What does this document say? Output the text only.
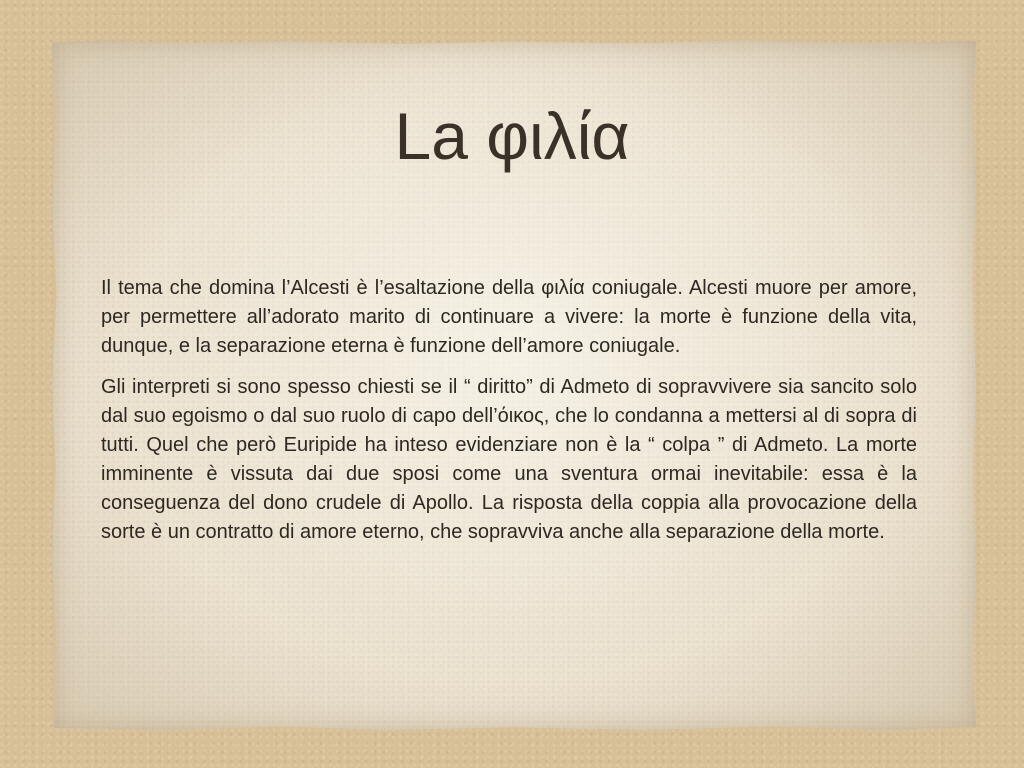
La φιλία

Il tema che domina l’Alcesti è l’esaltazione della φιλία coniugale. Alcesti muore per amore, per permettere all’adorato marito di continuare a vivere: la morte è funzione della vita, dunque, e la separazione eterna è funzione dell’amore coniugale.

Gli interpreti si sono spesso chiesti se il “ diritto” di Admeto di sopravvivere sia sancito solo dal suo egoismo o dal suo ruolo di capo dell’όικος, che lo condanna a mettersi al di sopra di tutti. Quel che però Euripide ha inteso evidenziare non è la “ colpa ” di Admeto. La morte imminente è vissuta dai due sposi come una sventura ormai inevitabile: essa è la conseguenza del dono crudele di Apollo. La risposta della coppia alla provocazione della sorte è un contratto di amore eterno, che sopravviva anche alla separazione della morte.
